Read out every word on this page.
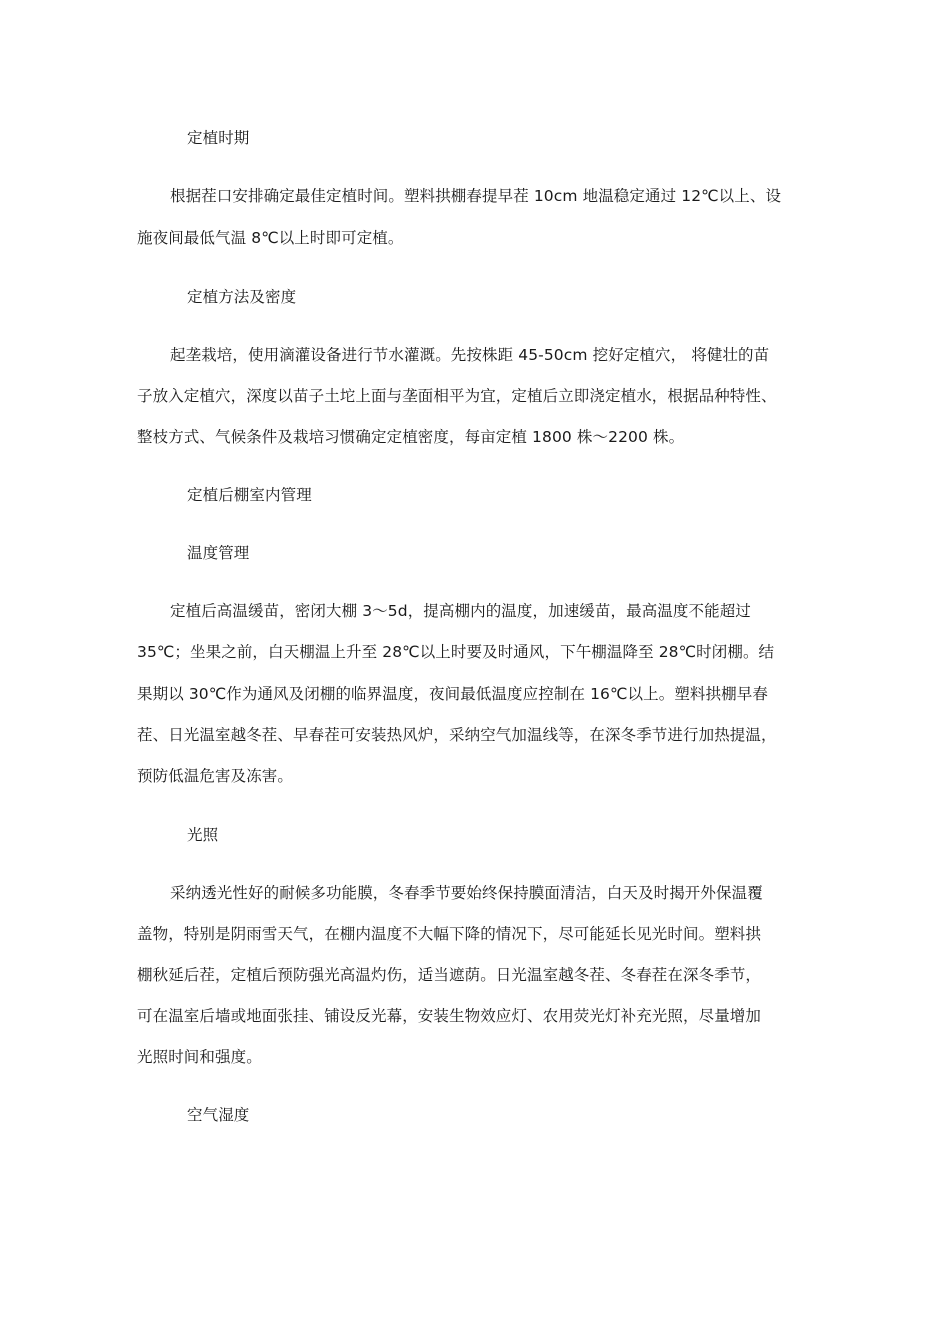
定植时期
根据茬口安排确定最佳定植时间。塑料拱棚春提早茬 10cm 地温稳定通过 12℃以上、设
施夜间最低气温 8℃以上时即可定植。
定植方法及密度
起垄栽培，使用滴灌设备进行节水灌溉。先按株距 45-50cm 挖好定植穴， 将健壮的苗
子放入定植穴，深度以苗子土坨上面与垄面相平为宜，定植后立即浇定植水，根据品种特性、
整枝方式、气候条件及栽培习惯确定定植密度，每亩定植 1800 株～2200 株。
定植后棚室内管理
温度管理
定植后高温缓苗，密闭大棚 3～5d，提高棚内的温度，加速缓苗，最高温度不能超过
35℃；坐果之前，白天棚温上升至 28℃以上时要及时通风，下午棚温降至 28℃时闭棚。结
果期以 30℃作为通风及闭棚的临界温度，夜间最低温度应控制在 16℃以上。塑料拱棚早春
茬、日光温室越冬茬、早春茬可安装热风炉，采纳空气加温线等，在深冬季节进行加热提温，
预防低温危害及冻害。
光照
采纳透光性好的耐候多功能膜，冬春季节要始终保持膜面清洁，白天及时揭开外保温覆
盖物，特别是阴雨雪天气，在棚内温度不大幅下降的情况下，尽可能延长见光时间。塑料拱
棚秋延后茬，定植后预防强光高温灼伤，适当遮荫。日光温室越冬茬、冬春茬在深冬季节，
可在温室后墙或地面张挂、铺设反光幕，安装生物效应灯、农用荧光灯补充光照，尽量增加
光照时间和强度。
空气湿度
